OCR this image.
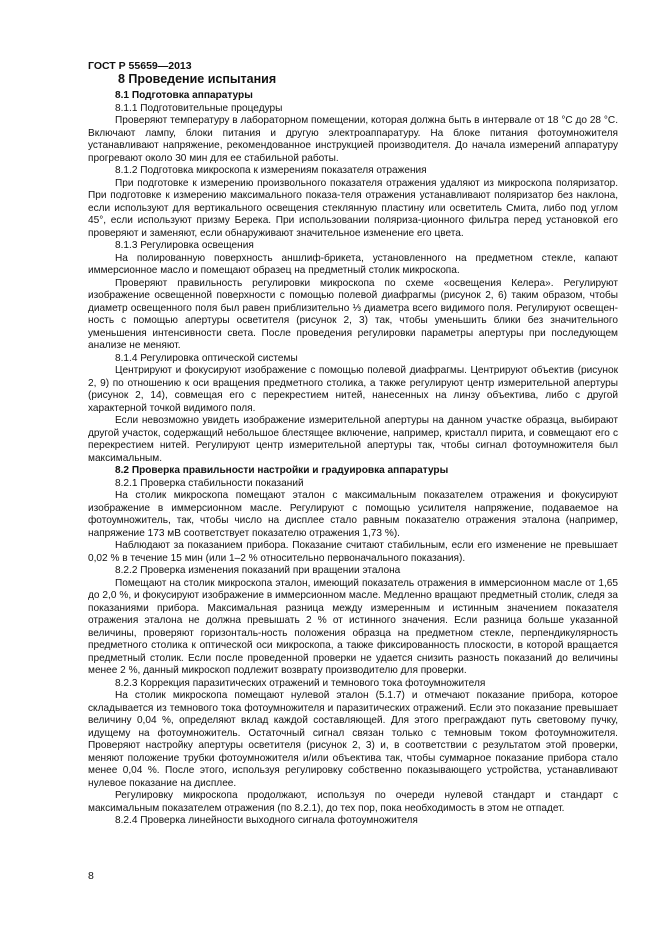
ГОСТ Р 55659—2013
8 Проведение испытания

8.1 Подготовка аппаратуры

8.1.1 Подготовительные процедуры

Проверяют температуру в лабораторном помещении, которая должна быть в интервале от 18 °С до 28 °С. Включают лампу, блоки питания и другую электроаппаратуру. На блоке питания фотоумножителя устанавливают напряжение, рекомендованное инструкцией производителя. До начала измерений аппаратуру прогревают около 30 мин для ее стабильной работы.

8.1.2 Подготовка микроскопа к измерениям показателя отражения

При подготовке к измерению произвольного показателя отражения удаляют из микроскопа поляризатор. При подготовке к измерению максимального показа-теля отражения устанавливают поляризатор без наклона, если используют для вертикального освещения стеклянную пластину или осветитель Смита, либо под углом 45°, если используют призму Берека. При использовании поляриза-ционного фильтра перед установкой его проверяют и заменяют, если обнаруживают значительное изменение его цвета.

8.1.3 Регулировка освещения

На полированную поверхность аншлиф-брикета, установленного на предметном стекле, капают иммерсионное масло и помещают образец на предметный столик микроскопа.

Проверяют правильность регулировки микроскопа по схеме «освещения Келера». Регулируют изображение освещенной поверхности с помощью полевой диафрагмы (рисунок 2, 6) таким образом, чтобы диаметр освещенного поля был равен приблизительно ⅓ диаметра всего видимого поля. Регулируют освещен-ность с помощью апертуры осветителя (рисунок 2, 3) так, чтобы уменьшить блики без значительного уменьшения интенсивности света. После проведения регулировки параметры апертуры при последующем анализе не меняют.

8.1.4 Регулировка оптической системы

Центрируют и фокусируют изображение с помощью полевой диафрагмы. Центрируют объектив (рисунок 2, 9) по отношению к оси вращения предметного столика, а также регулируют центр измерительной апертуры (рисунок 2, 14), совмещая его с перекрестием нитей, нанесенных на линзу объектива, либо с другой характерной точкой видимого поля.

Если невозможно увидеть изображение измерительной апертуры на данном участке образца, выбирают другой участок, содержащий небольшое блестящее включение, например, кристалл пирита, и совмещают его с перекрестием нитей. Регулируют центр измерительной апертуры так, чтобы сигнал фотоумножителя был максимальным.

8.2 Проверка правильности настройки и градуировка аппаратуры

8.2.1 Проверка стабильности показаний

На столик микроскопа помещают эталон с максимальным показателем отражения и фокусируют изображение в иммерсионном масле. Регулируют с помощью усилителя напряжение, подаваемое на фотоумножитель, так, чтобы число на дисплее стало равным показателю отражения эталона (например, напряжение 173 мВ соответствует показателю отражения 1,73 %).

Наблюдают за показанием прибора. Показание считают стабильным, если его изменение не превышает 0,02 % в течение 15 мин (или 1–2 % относительно первоначального показания).

8.2.2 Проверка изменения показаний при вращении эталона

Помещают на столик микроскопа эталон, имеющий показатель отражения в иммерсионном масле от 1,65 до 2,0 %, и фокусируют изображение в иммерсионном масле. Медленно вращают предметный столик, следя за показаниями прибора. Максимальная разница между измеренным и истинным значением показателя отражения эталона не должна превышать 2 % от истинного значения. Если разница больше указанной величины, проверяют горизонталь-ность положения образца на предметном стекле, перпендикулярность предметного столика к оптической оси микроскопа, а также фиксированность плоскости, в которой вращается предметный столик. Если после проведенной проверки не удается снизить разность показаний до величины менее 2 %, данный микроскоп подлежит возврату производителю для проверки.

8.2.3 Коррекция паразитических отражений и темнового тока фотоумножителя

На столик микроскопа помещают нулевой эталон (5.1.7) и отмечают показание прибора, которое складывается из темнового тока фотоумножителя и паразитических отражений. Если это показание превышает величину 0,04 %, определяют вклад каждой составляющей. Для этого преграждают путь световому пучку, идущему на фотоумножитель. Остаточный сигнал связан только с темновым током фотоумножителя. Проверяют настройку апертуры осветителя (рисунок 2, 3) и, в соответствии с результатом этой проверки, меняют положение трубки фотоумножителя и/или объектива так, чтобы суммарное показание прибора стало менее 0,04 %. После этого, используя регулировку собственно показывающего устройства, устанавливают нулевое показание на дисплее.

Регулировку микроскопа продолжают, используя по очереди нулевой стандарт и стандарт с максимальным показателем отражения (по 8.2.1), до тех пор, пока необходимость в этом не отпадет.

8.2.4 Проверка линейности выходного сигнала фотоумножителя

8
